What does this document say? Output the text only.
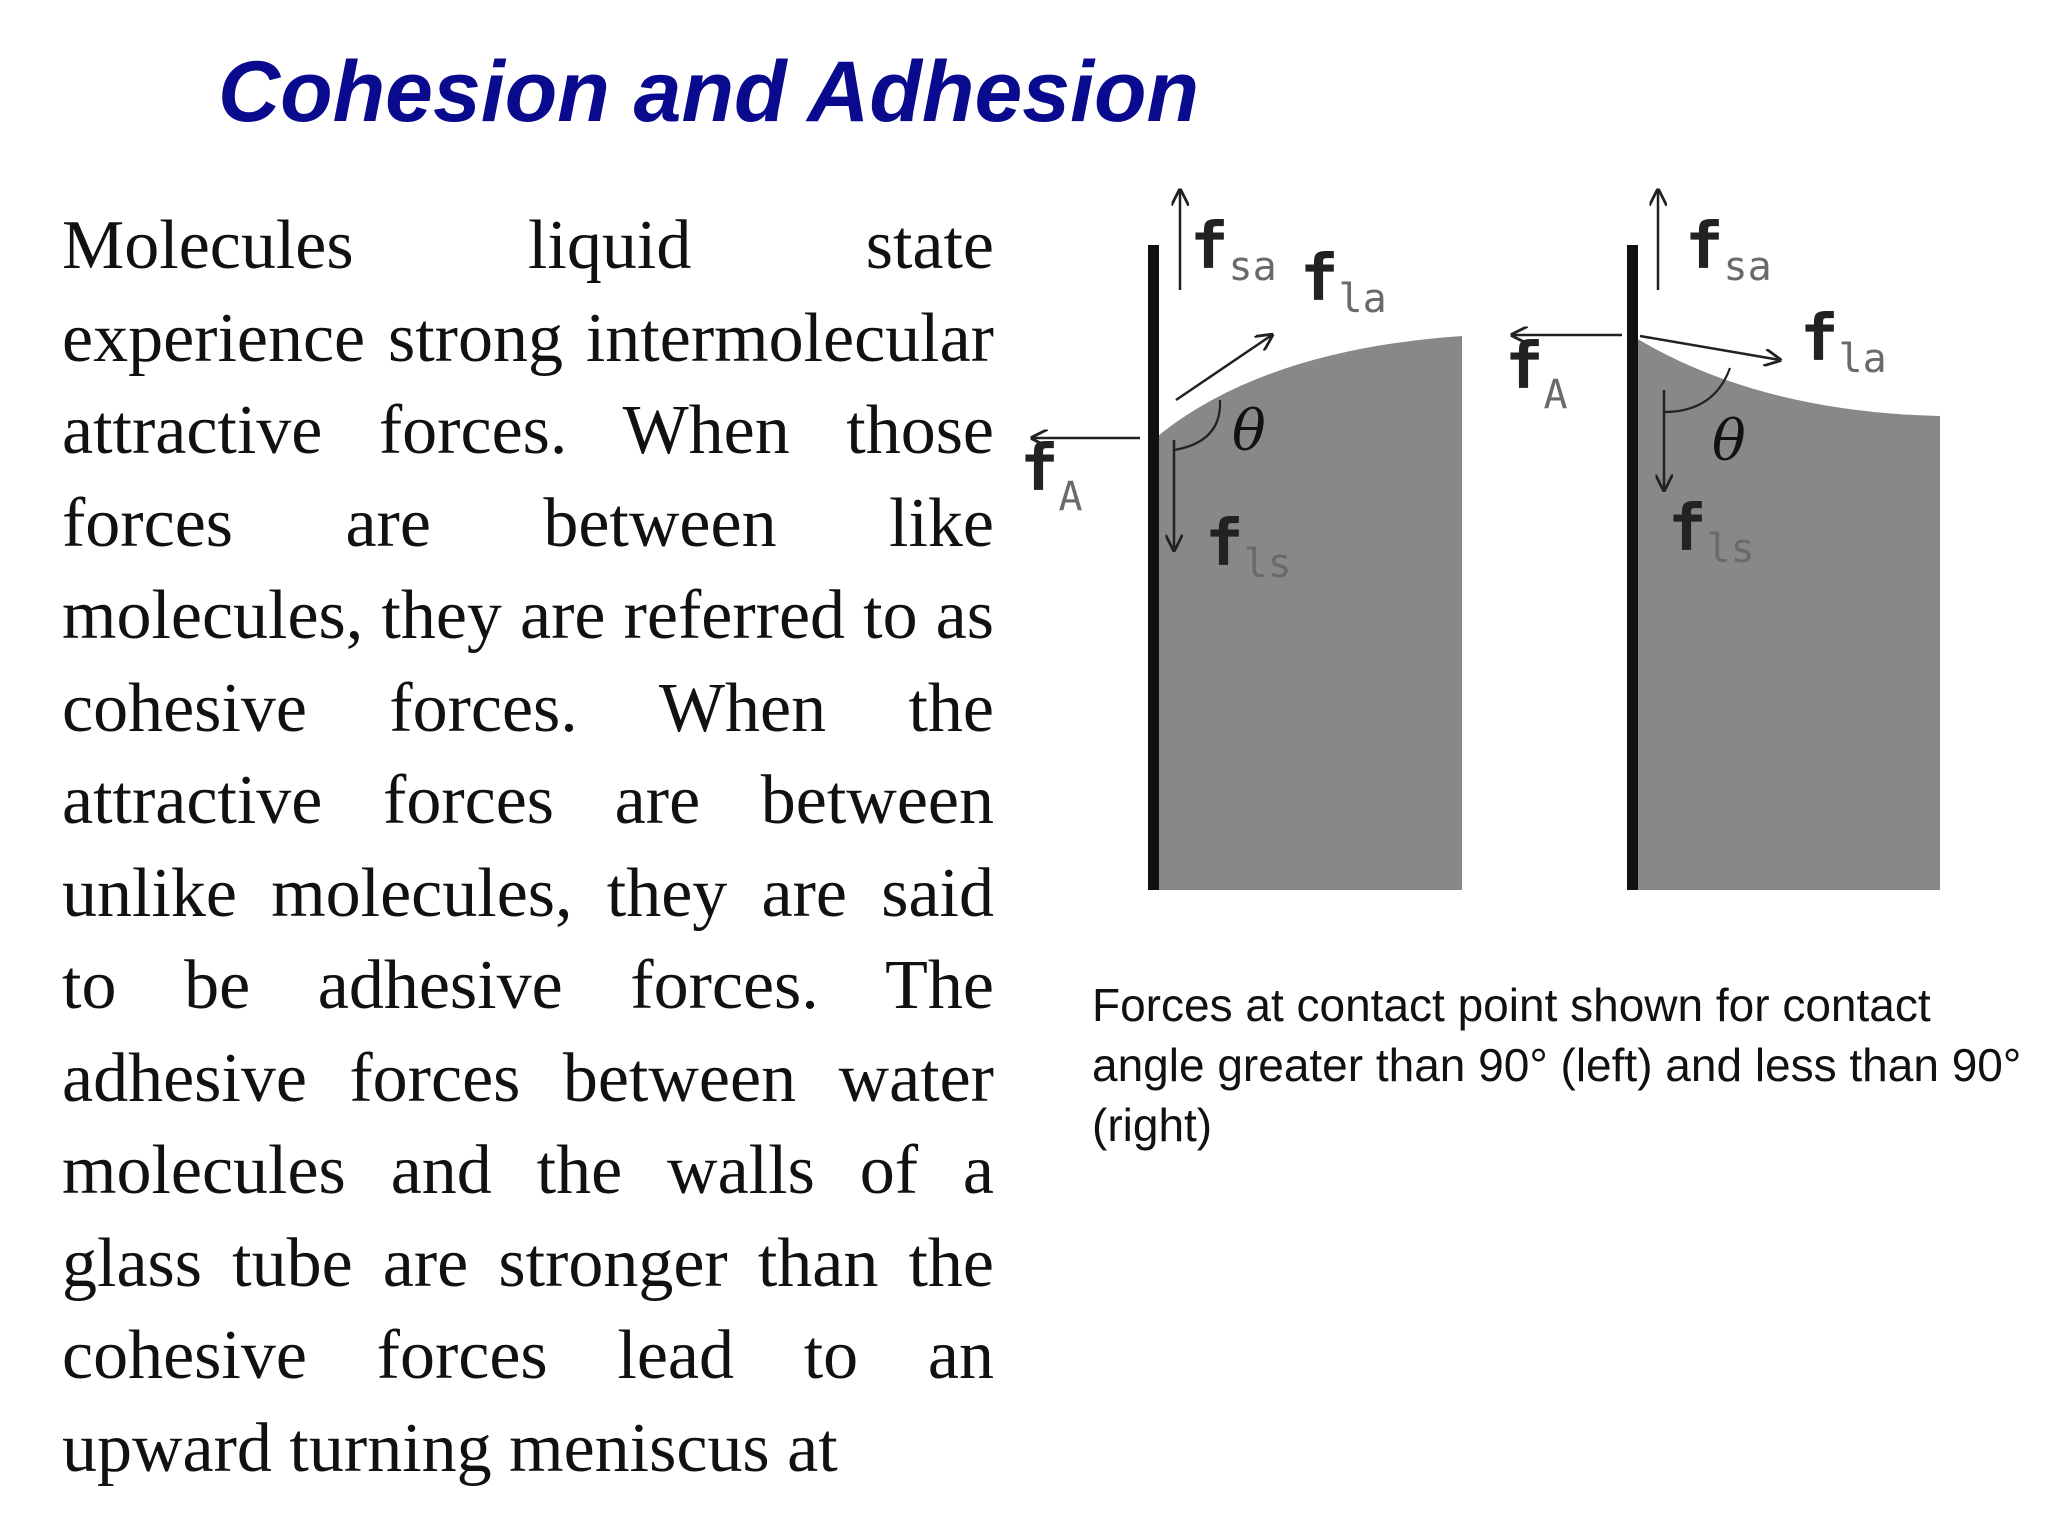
Cohesion and Adhesion

Molecules liquid state experience strong intermolecular attractive forces. When those forces are between like molecules, they are referred to as cohesive forces. When the attractive forces are between unlike molecules, they are said to be adhesive forces. The adhesive forces between water molecules and the walls of a glass tube are stronger than the cohesive forces lead to an upward turning meniscus at

fsa fla
fA
fls
θ
fsa
fla
fA
fls
θ

Forces at contact point shown for contact angle greater than 90° (left) and less than 90° (right)
